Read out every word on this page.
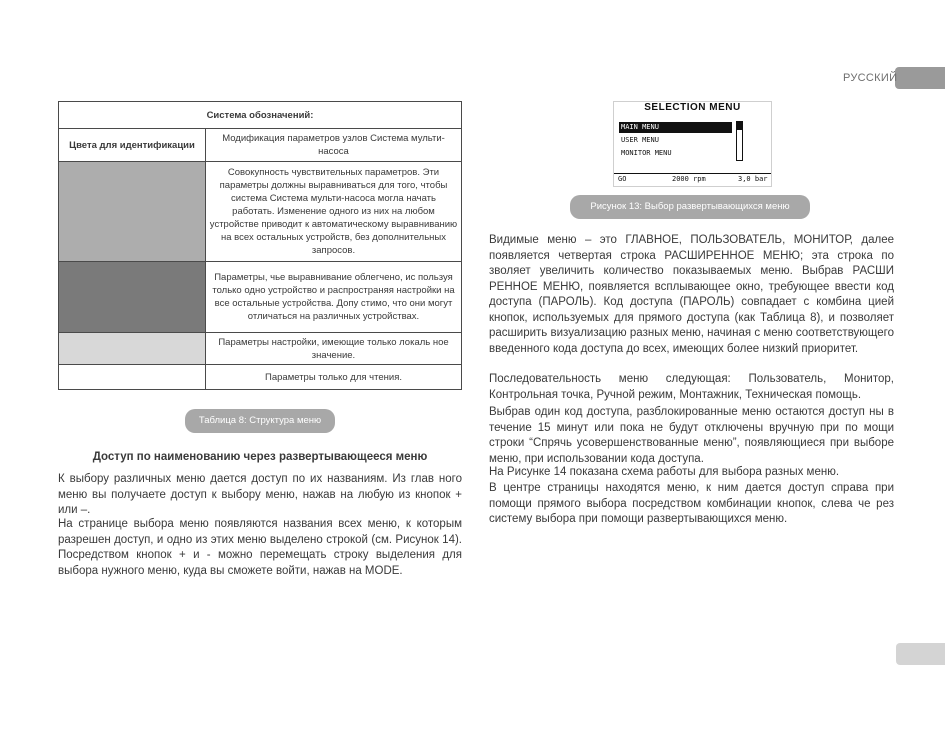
РУССКИЙ
Система обозначений:	
Цвета для идентификации	Модификация параметров узлов Система мульти-насоса
	Совокупность чувствительных параметров. Эти параметры должны выравниваться для того, чтобы система Система мульти-насоса могла начать работать. Изменение одного из них на любом устройстве приводит к автоматическому выравниванию на всех остальных устройств, без дополнительных запросов.
	Параметры, чье выравнивание облегчено, ис пользуя только одно устройство и распространяя настройки на все остальные устройства. Допу стимо, что они могут отличаться на различных устройствах.
	Параметры настройки, имеющие только локаль ное значение.
	Параметры только для чтения.
Таблица 8: Структура меню
Доступ по наименованию через развертывающееся меню
К выбору различных меню дается доступ по их названиям. Из глав ного меню вы получаете доступ к выбору меню, нажав на любую из кнопок + или –.
На странице выбора меню появляются названия всех меню, к которым разрешен доступ, и одно из этих меню выделено строкой (см. Рисунок 14). Посредством кнопок + и - можно перемещать строку выделения для выбора нужного меню, куда вы сможете войти, нажав на MODE.
SELECTION MENU
MAIN MENU
USER MENU
MONITOR MENU
GO	2000 rpm	3,0 bar
Рисунок 13: Выбор развертывающихся меню
Видимые меню – это ГЛАВНОЕ, ПОЛЬЗОВАТЕЛЬ, МОНИТОР, далее появляется четвертая строка РАСШИРЕННОЕ МЕНЮ; эта строка по зволяет увеличить количество показываемых меню. Выбрав РАСШИ РЕННОЕ МЕНЮ, появляется всплывающее окно, требующее ввести код доступа (ПАРОЛЬ). Код доступа (ПАРОЛЬ) совпадает с комбина цией кнопок, используемых для прямого доступа (как Таблица 8), и позволяет расширить визуализацию разных меню, начиная с меню соответствующего введенного кода доступа до всех, имеющих более низкий приоритет.
Последовательность меню следующая: Пользователь, Монитор, Контрольная точка, Ручной режим, Монтажник, Техническая помощь.
Выбрав один код доступа, разблокированные меню остаются доступ ны в течение 15 минут или пока не будут отключены вручную при по мощи строки “Спрячь усовершенствованные меню”, появляющиеся при выборе меню, при использовании кода доступа.
На Рисунке 14 показана схема работы для выбора разных меню.
В центре страницы находятся меню, к ним дается доступ справа при помощи прямого выбора посредством комбинации кнопок, слева че рез систему выбора при помощи развертывающихся меню.
